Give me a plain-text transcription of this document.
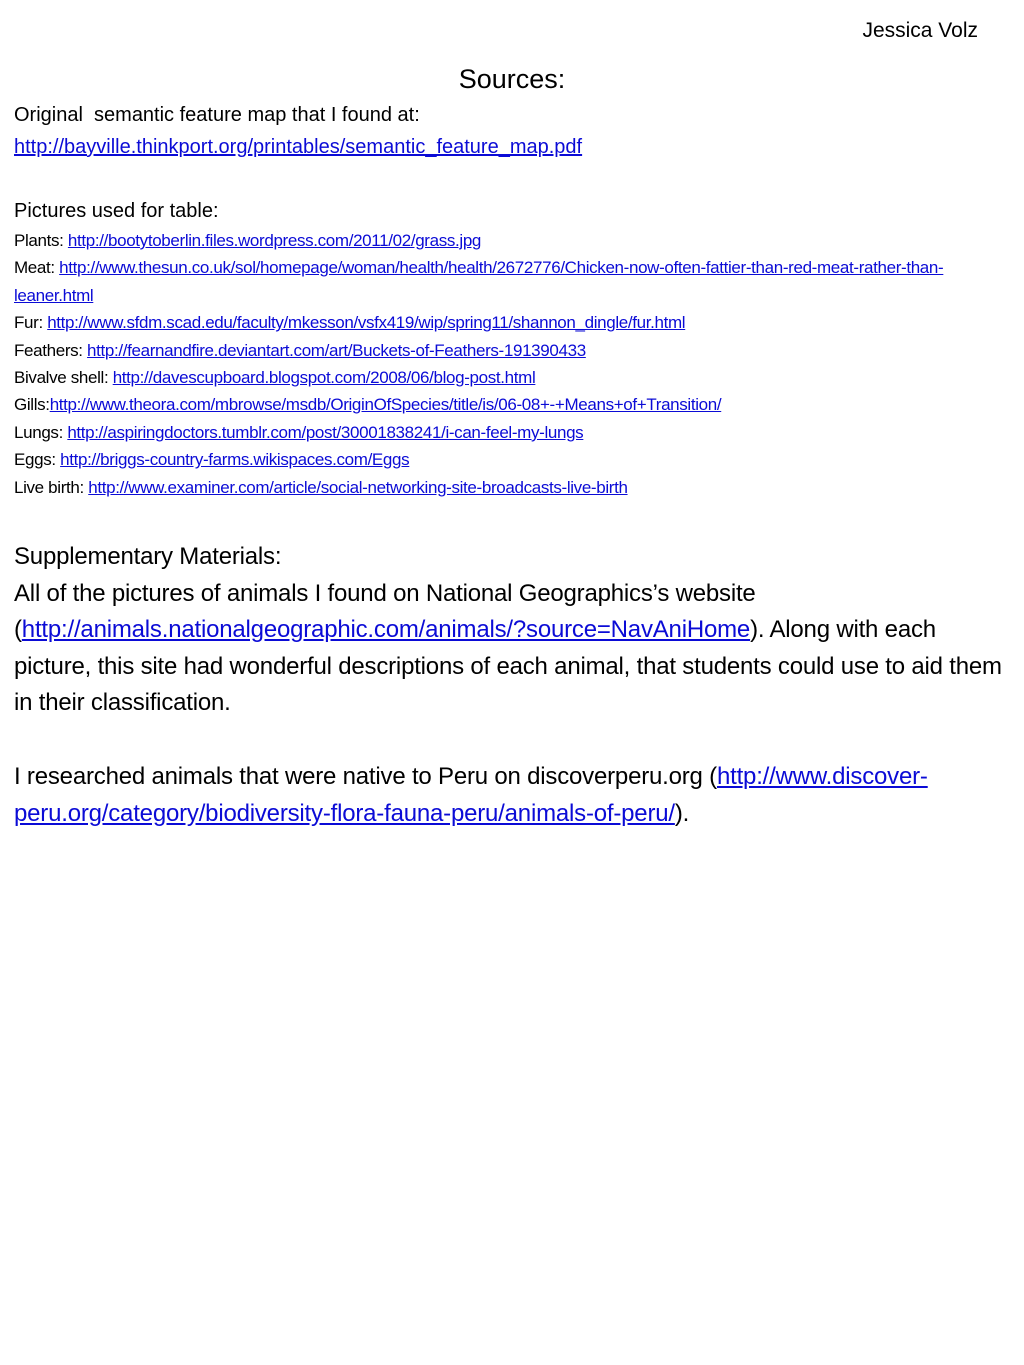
Jessica Volz
Sources:
Original  semantic feature map that I found at:
http://bayville.thinkport.org/printables/semantic_feature_map.pdf
Pictures used for table:
Plants: http://bootytoberlin.files.wordpress.com/2011/02/grass.jpg
Meat: http://www.thesun.co.uk/sol/homepage/woman/health/health/2672776/Chicken-now-often-fattier-than-red-meat-rather-than-leaner.html
Fur: http://www.sfdm.scad.edu/faculty/mkesson/vsfx419/wip/spring11/shannon_dingle/fur.html
Feathers: http://fearnandfire.deviantart.com/art/Buckets-of-Feathers-191390433
Bivalve shell: http://davescupboard.blogspot.com/2008/06/blog-post.html
Gills:http://www.theora.com/mbrowse/msdb/OriginOfSpecies/title/is/06-08+-+Means+of+Transition/
Lungs: http://aspiringdoctors.tumblr.com/post/30001838241/i-can-feel-my-lungs
Eggs: http://briggs-country-farms.wikispaces.com/Eggs
Live birth: http://www.examiner.com/article/social-networking-site-broadcasts-live-birth
Supplementary Materials:

All of the pictures of animals I found on National Geographics’s website (http://animals.nationalgeographic.com/animals/?source=NavAniHome). Along with each picture, this site had wonderful descriptions of each animal, that students could use to aid them in their classification.

I researched animals that were native to Peru on discoverperu.org (http://www.discover-peru.org/category/biodiversity-flora-fauna-peru/animals-of-peru/).
